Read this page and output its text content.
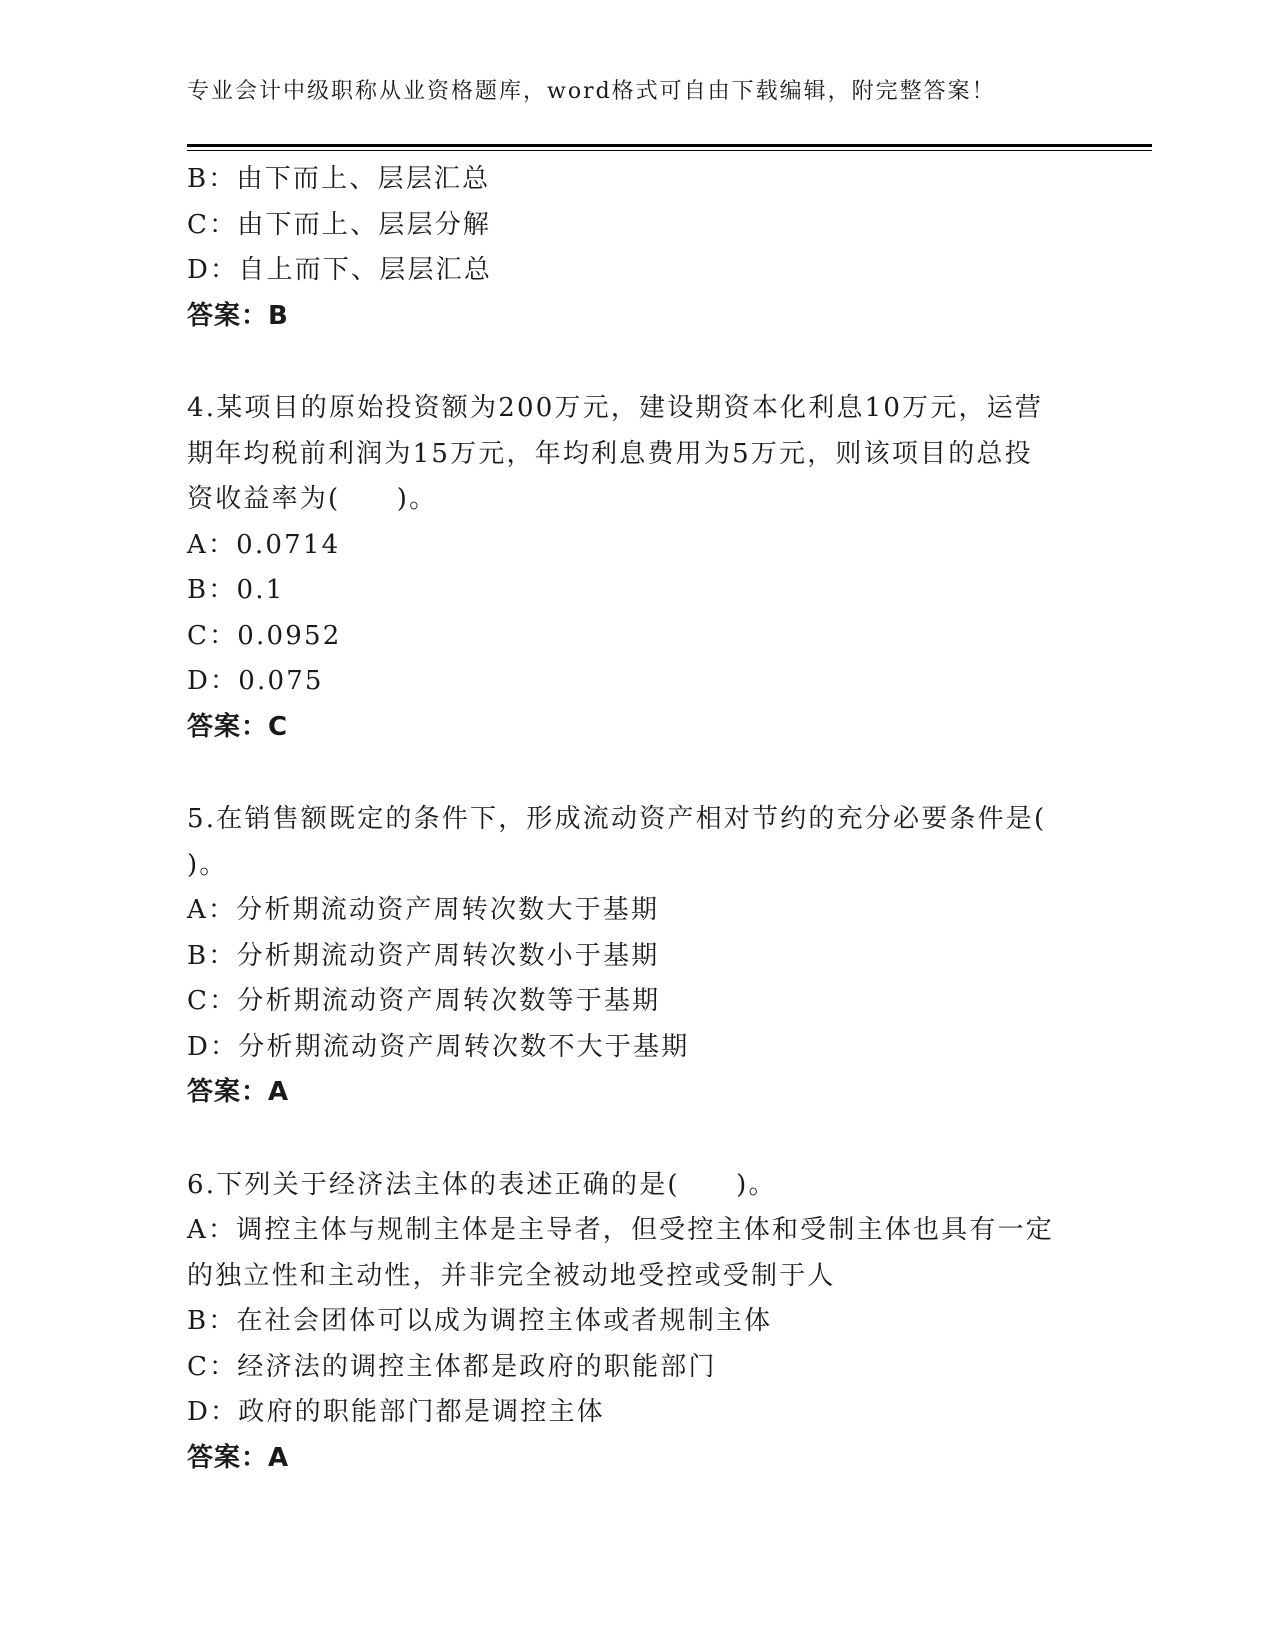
专业会计中级职称从业资格题库，word格式可自由下载编辑，附完整答案！
B：由下而上、层层汇总
C：由下而上、层层分解
D：自上而下、层层汇总
答案：B
4.某项目的原始投资额为200万元，建设期资本化利息10万元，运营
期年均税前利润为15万元，年均利息费用为5万元，则该项目的总投
资收益率为(　　)。
A：0.0714
B：0.1
C：0.0952
D：0.075
答案：C
5.在销售额既定的条件下，形成流动资产相对节约的充分必要条件是(
)。
A：分析期流动资产周转次数大于基期
B：分析期流动资产周转次数小于基期
C：分析期流动资产周转次数等于基期
D：分析期流动资产周转次数不大于基期
答案：A
6.下列关于经济法主体的表述正确的是(　　)。
A：调控主体与规制主体是主导者，但受控主体和受制主体也具有一定
的独立性和主动性，并非完全被动地受控或受制于人
B：在社会团体可以成为调控主体或者规制主体
C：经济法的调控主体都是政府的职能部门
D：政府的职能部门都是调控主体
答案：A
